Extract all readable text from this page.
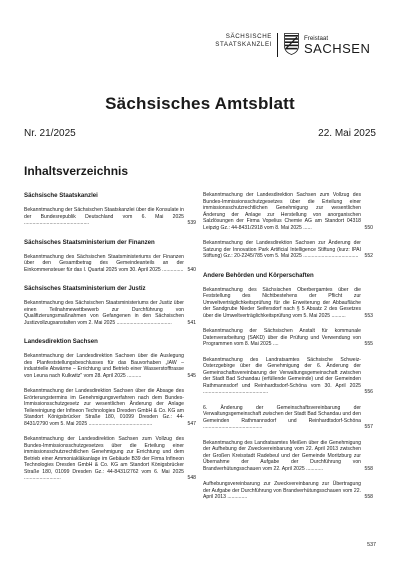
SÄCHSISCHE
STAATSKANZLEI
Freistaat
SACHSEN
Sächsisches Amtsblatt
Nr. 21/2025	22. Mai 2025
Inhaltsverzeichnis
Sächsische Staatskanzlei
Bekanntmachung der Sächsischen Staatskanzlei über die Konsulate in der Bundesrepublik Deutschland vom 6. Mai 2025 ..............................................	539
Sächsisches Staatsministerium der Finanzen
Bekanntmachung des Sächsischen Staatsministeriums der Finanzen über den Gesamtbetrag des Gemeindeanteils an der Einkommensteuer für das I. Quartal 2025 vom 30. April 2025 ............... 540
Sächsisches Staatsministerium der Justiz
Bekanntmachung des Sächsischen Staatsministeriums der Justiz über einen Teilnahmewettbewerb zur Durchführung von Qualifizierungsmaßnahmen von Gefangenen in den Sächsischen Justizvollzugsanstalten vom 2. Mai 2025 .......................................	541
Landesdirektion Sachsen
Bekanntmachung der Landesdirektion Sachsen über die Auslegung des Planfeststellungsbeschlusses für das Bauvorhaben „IAW – industrielle Abwärme – Errichtung und Betrieb einer Wasserstofftrasse von Leuna nach Kulkwitz" vom 28. April 2025 ..........	545
Bekanntmachung der Landesdirektion Sachsen über die Absage des Erörterungstermins im Genehmigungsverfahren nach dem Bundes-Immissionsschutzgesetz zur wesentlichen Änderung der Anlage Teilereinigung der Infineon Technologies Dresden GmbH & Co. KG am Standort Königsbrücker Straße 180, 01099 Dresden Gz.: 44-8431/2790 vom 5. Mai 2025 .............................................	547
Bekanntmachung der Landesdirektion Sachsen zum Vollzug des Bundes-Immissionsschutzgesetzes über die Erteilung einer immissionsschutzrechtlichen Genehmigung zur Errichtung und dem Betrieb einer Ammoniakläkanlage im Gebäude B39 der Firma Infineon Technologies Dresden GmbH & Co. KG am Standort Königsbrücker Straße 180, 01099 Dresden Gz.: 44-8431/2762 vom 6. Mai 2025 ..........................	548
Bekanntmachung der Landesdirektion Sachsen zum Vollzug des Bundes-Immissionsschutzgesetzes über die Erteilung einer immissionsschutzrechtlichen Genehmigung zur wesentlichen Änderung der Anlage zur Herstellung von anorganischen Salzlösungen der Firma Vopelius Chemie AG am Standort 04318 Leipzig Gz.: 44-8431/2918 vom 8. Mai 2025 ......	550
Bekanntmachung der Landesdirektion Sachsen zur Änderung der Satzung der Innovation Park Artificial Intelligence Stiftung (kurz: IPAI Stiftung) Gz.: 20-2245/785 vom 5. Mai 2025 ....................................... 552
Andere Behörden und Körperschaften
Bekanntmachung des Sächsischen Oberbergamtes über die Feststellung des Nichtbestehens der Pflicht zur Umweltverträglichkeitsprüfung für die Erweiterung der Abbaufläche der Sandgrube Nieder Seifersdorf nach § 5 Absatz 2 des Gesetzes über die Umweltverträglichkeitsprüfung vom 5. Mai 2025 ..........	553
Bekanntmachung der Sächsischen Anstalt für kommunale Datenverarbeitung (SAKD) über die Prüfung und Verwendung von Programmen vom 8. Mai 2025 ....	555
Bekanntmachung des Landratsamtes Sächsische Schweiz-Osterzgebirge über die Genehmigung der 6. Änderung der Gemeinschaftsvereinbarung der Verwaltungsgemeinschaft zwischen der Stadt Bad Schandau (erfüllende Gemeinde) und der Gemeinden Rathmannsdorf und Reinhardtsdorf-Schöna vom 30. April 2025 ..............................................	556
6. Änderung der Gemeinschaftsvereinbarung der Verwaltungsgemeinschaft zwischen der Stadt Bad Schandau und den Gemeinden Rathmannsdorf und Reinhardtsdorf-Schöna ..........................................	557
Bekanntmachung des Landratsamtes Meißen über die Genehmigung der Aufhebung der Zweckvereinbarung vom 22. April 2013 zwischen der Großen Kreisstadt Radebeul und der Gemeinde Moritzburg zur Übernahme der Aufgabe der Durchführung von Brandverhütungsschauen vom 22. April 2025 ............	558
Aufhebungsvereinbarung zur Zweckvereinbarung zur Übertragung der Aufgabe der Durchführung von Brandverhütungsschauen vom 22. April 2013 ..............	558
537
